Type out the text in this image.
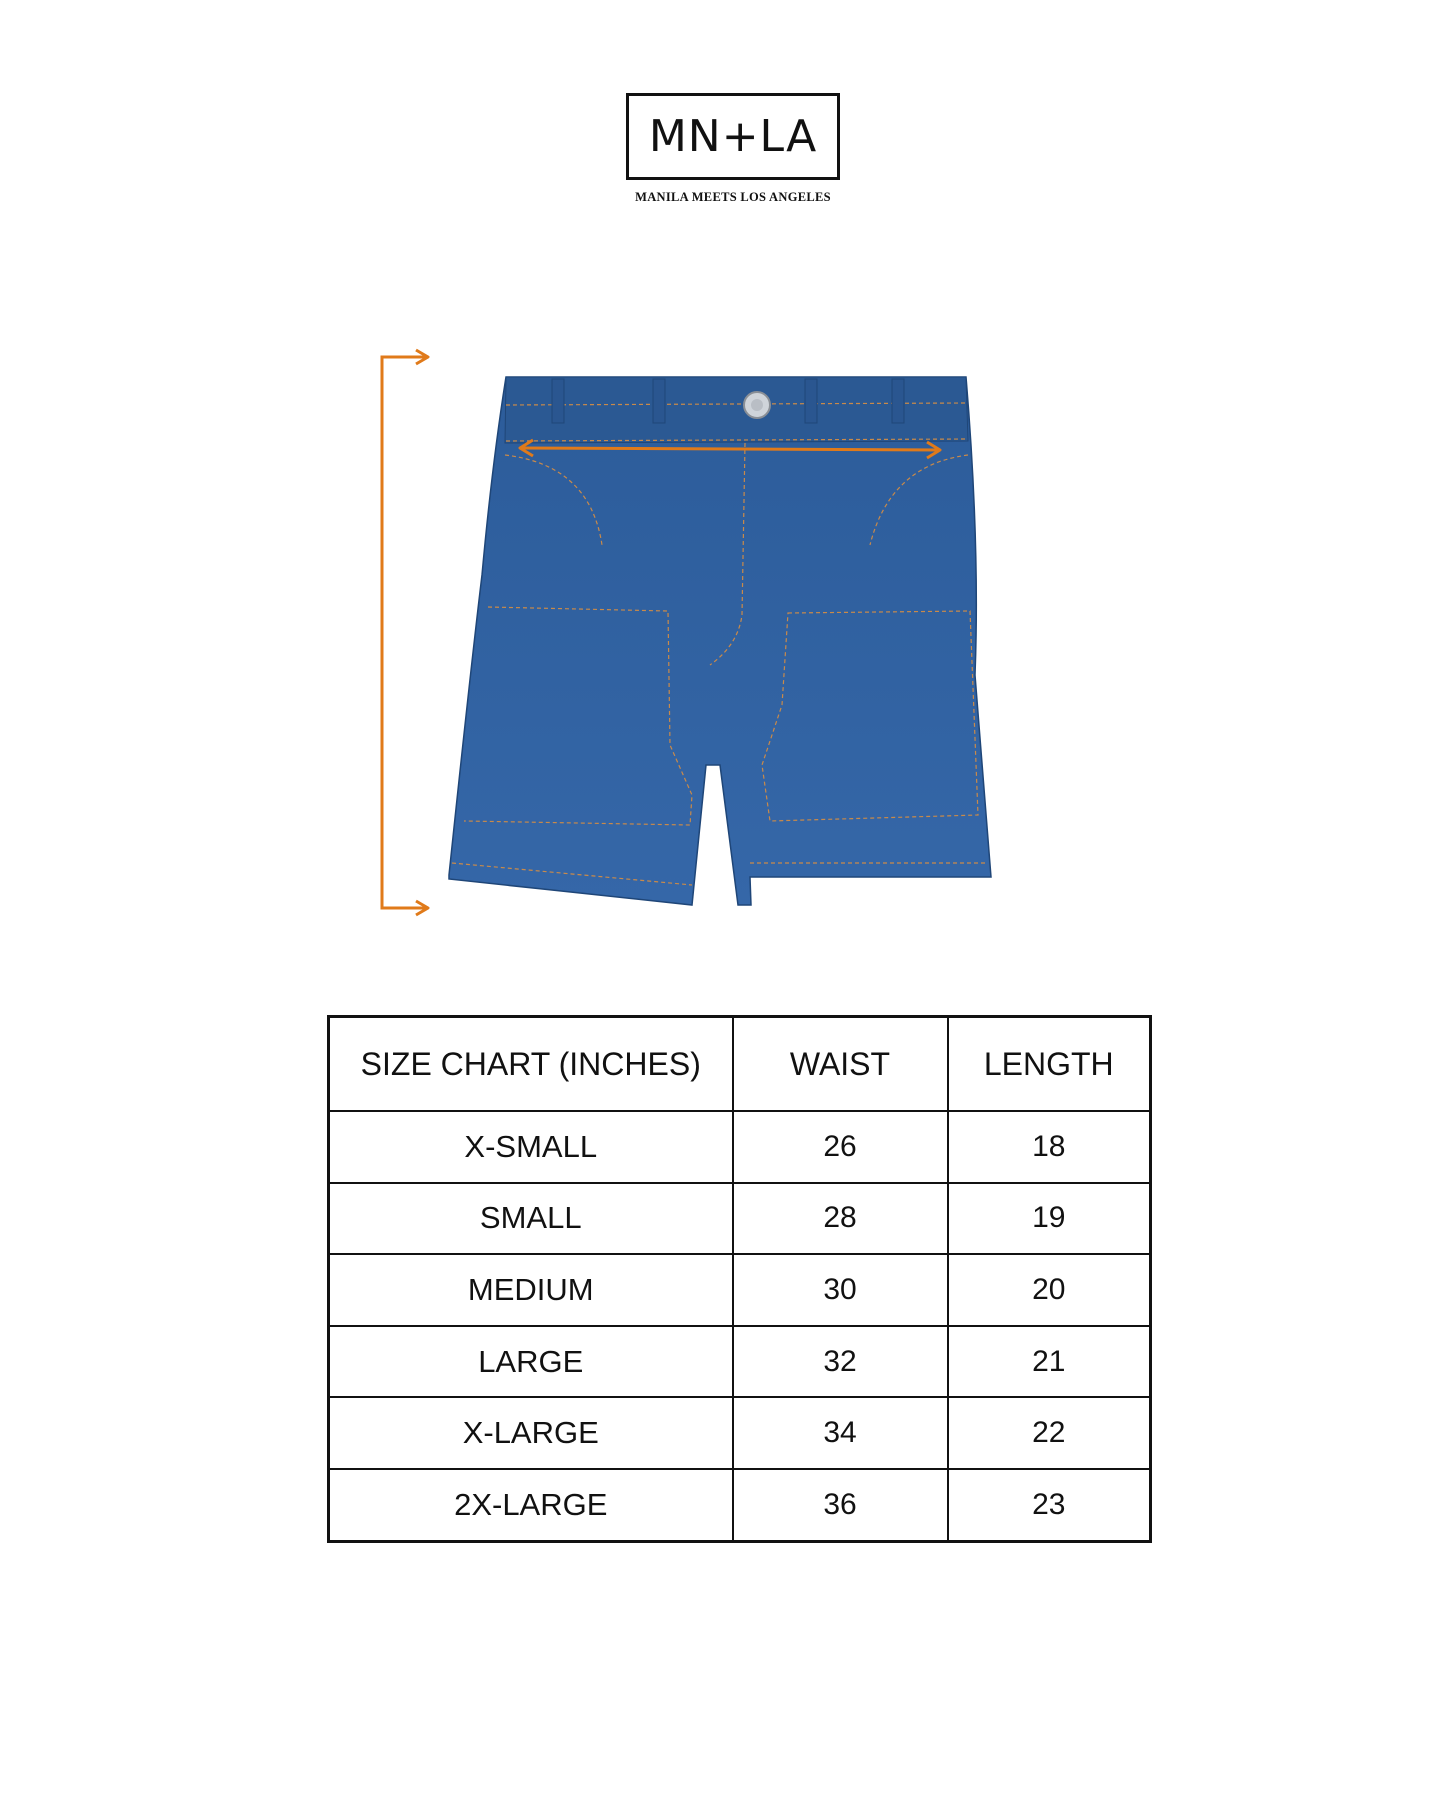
MN+LA
MANILA MEETS LOS ANGELES
SIZE CHART (INCHES)	WAIST	LENGTH
X-SMALL	26	18
SMALL	28	19
MEDIUM	30	20
LARGE	32	21
X-LARGE	34	22
2X-LARGE	36	23
